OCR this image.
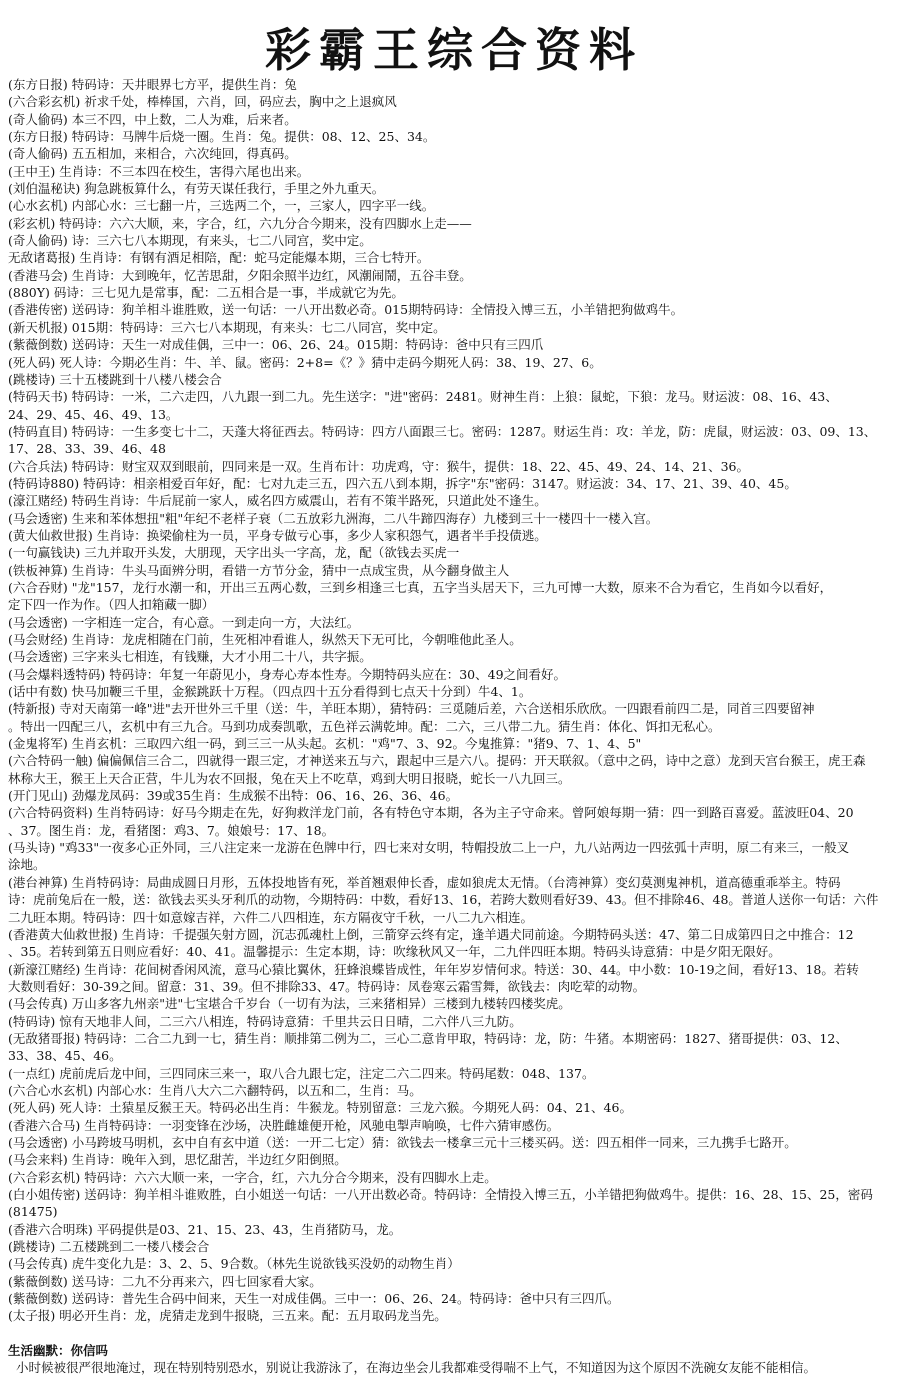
彩霸王综合资料
(东方日报) 特码诗：天井眼界七方平，提供生肖：兔
(六合彩玄机) 祈求千处，棒棒国，六肖，回，码应去，胸中之上退疯风
(奇人偷码) 本三不四，中上数，二人为难，后来者。
(东方日报) 特码诗：马牌牛后烧一圈。生肖：兔。提供：08、12、25、34。
(奇人偷码) 五五相加，来相合，六次纯回，得真码。
(王中王) 生肖诗：不三本四在校生，害得六尾也出来。
(刘伯温秘诀) 狗急跳板算什么，有劳天谋任我行，手里之外九重天。
(心水玄机) 内部心水：三七翻一片，三选两二个，一，三家人，四字平一线。
(彩玄机) 特码诗：六六大顺，来，字合，红，六九分合今期来，没有四脚水上走——
(奇人偷码) 诗：三六七八本期现，有来头，七二八同宫，奖中定。
无敌诸葛报) 生肖诗：有钢有酒足相陪，配：蛇马定能爆本期，三合七特开。
(香港马会) 生肖诗：大到晚年，忆苦思甜，夕阳余照半边红，风潮闹鬧，五谷丰登。
(880Y) 码诗：三七见九是常事，配：二五相合是一事，半成就它为先。
(香港传密) 送码诗：狗羊相斗谁胜败，送一句话：一八开出数必奇。015期特码诗：全情投入博三五，小羊错把狗做鸡牛。
(新天机报) 015期：特码诗：三六七八本期现，有来头：七二八同宫，奖中定。
(紫薇倒数) 送码诗：天生一对成佳偶，三中一：06、26、24。015期：特码诗：爸中只有三四爪
(死人码) 死人诗：今期必生肖：牛、羊、鼠。密码：2+8=《？》猜中走码今期死人码：38、19、27、6。
(跳楼诗) 三十五楼跳到十八楼八楼会合
(特码天书) 特码诗：一米，二六走四，八九跟一到二九。先生送字："进"密码：2481。财神生肖：上狼：鼠蛇，下狼：龙马。财运波：08、16、43、
24、29、45、46、49、13。
(特码直目) 特码诗：一生多变七十二，天蓬大将征西去。特码诗：四方八面跟三七。密码：1287。财运生肖：攻：羊龙，防：虎鼠，财运波：03、09、13、
17、28、33、39、46、48
(六合兵法) 特码诗：财宝双双到眼前，四同来是一双。生肖布计：功虎鸡，守：猴牛，提供：18、22、45、49、24、14、21、36。
(特码诗880) 特码诗：相亲相爱百年好，配：七对九走三五，四六五八到本期，拆字"东"密码：3147。财运波：34、17、21、39、40、45。
(濠江赌经) 特码生肖诗：牛后屁前一家人，威名四方威震山，若有不策半路死，只道此处不逢生。
(马会透密) 生来和苯体想扭"粗"年纪不老样子衰（二五放彩九洲海，二八牛蹄四海存）九楼到三十一楼四十一楼入宫。
(黄大仙救世报) 生肖诗：换梁偷柱为一员，平身专做亏心事，多少人家积怨气，遇者半手投债逃。
(一句赢钱诀) 三九并取开头发，大朋现，天字出头一字高，龙，配（欲钱去买虎一
(铁板神算) 生肖诗：牛头马面辨分明，看错一方节分金，猜中一点成宝贵，从今翻身做主人
(六合吞财) "龙"157，龙行水潮一和，开出三五两心数，三到乡相逢三七真，五字当头居天下，三九可博一大数，原来不合为看它，生肖如今以看好，
定下四一作为作。（四人扣箱藏一脚）
(马会透密) 一字相连一定合，有心意。一到走向一方，大法红。
(马会财经) 生肖诗：龙虎相随在门前，生死相冲看谁人，纵然天下无可比，今朝唯他此圣人。
(马会透密) 三字来头七相连，有钱赚，大才小用二十八，共字振。
(马会爆料透特码) 特码诗：年复一年蔚见小，身寿心寿本性寿。今期特码头应在：30、49之间看好。
(话中有数) 快马加鞭三千里，金猴跳跃十万程。（四点四十五分看得到七点天十分到）牛4、1。
(特新报) 寺对天南第一峰"进"去开世外三千里（送：牛，羊旺本期），猜特码：三觅随后差，六合送相乐欣欣。一四跟看前四二是，同首三四要留神
。特出一四配三八，玄机中有三九合。马到功成奏凯歌，五色祥云满乾坤。配：二六，三八带二九。猜生肖：体化、饵扣无私心。
(金鬼将军) 生肖玄机：三取四六组一码，到三三一从头起。玄机："鸡"7、3、92。今鬼推算："猪9、7、1、4、5"
(六合特码一触) 偏偏佩信三合二，四就得一跟三定，才神送来五与六，跟起中三是六八。提码：开天联叙。（意中之码，诗中之意）龙到天宫台猴王，虎王森
林称大王，猴王上天合正营，牛儿为农不回报，兔在天上不吃草，鸡到大明日报晓，蛇长一八九回三。
(开门见山) 劲爆龙凤码：39或35生肖：生成猴不出特：06、16、26、36、46。
(六合特码资料) 生肖特码诗：好马今期走在先，好狗救洋龙门前，各有特色守本期，各为主子守命来。曾阿娘每期一猜：四一到路百喜爱。蓝波旺04、20
、37。图生肖：龙，看猪图：鸡3、7。娘娘号：17、18。
(马头诗) "鸡33"一夜多心正外同，三八注定来一龙游在色牌中行，四七来对女明，特帽投放二上一户，九八站两边一四弦弧十声明，原二有来三，一般叉
涂地。
(港台神算) 生肖特码诗：局曲成圆日月形，五体投地皆有死，举首翘艰伸长香，虚如狼虎太无情。（台湾神算）变幻莫测鬼神机，道高德重乖举主。特码
诗：虎前兔后在一般，送：欲钱去买头牙利爪的动物，今期特码：中数，看好13、16，若跨大数则看好39、43。但不排除46、48。普道人送你一句话：六件
二九旺本期。特码诗：四十如意嫁吉祥，六件二八四相连，东方隔夜守千秋，一八二九六相连。
(香港黄大仙救世报) 生肖诗：千提强矢射方圆，沉志孤魂杜上倒，三箭穿云终有定，逢羊遇犬同前途。今期特码头送：47、第二日成第四日之中推合：12
、35。若转到第五日则应看好：40、41。温馨提示：生定本期，诗：吹缘秋风又一年，二九伴四旺本期。特码头诗意猜：中是夕阳无限好。
(新濠江赌经) 生肖诗：花间树香闲风流，意马心猿比翼休，狂蜂浪蝶皆成性，年年岁岁情何求。特送：30、44。中小数：10-19之间，看好13、18。若转
大数则看好：30-39之间。留意：31、39。但不排除33、47。特码诗：凤卷寒云霜雪舞，欲钱去：肉吃荤的动物。
(马会传真) 万山多客九州亲"进"七宝堪合千岁台（一切有为法，三来猪相异）三楼到九楼转四楼奖虎。
(特码诗) 惊有天地非人间，二三六八相连，特码诗意猜：千里共云日日晴，二六伴八三九防。
(无敌猪哥报) 特码诗：二合二九到一七，猜生肖：顺排第二例为二，三心二意肯甲取，特码诗：龙，防：牛猪。本期密码：1827、猪哥提供：03、12、
33、38、45、46。
(一点红) 虎前虎后龙中间，三四同床三来一，取八合九跟七定，注定二六二四来。特码尾数：048、137。
(六合心水玄机) 内部心水：生肖八大六二六翻特码，以五和二，生肖：马。
(死人码) 死人诗：土猿星反猴王天。特码必出生肖：牛猴龙。特别留意：三龙六猴。今期死人码：04、21、46。
(香港六合马) 生肖特码诗：一羽变锋在沙场，决胜雌雄便开枪，风驰电掣声响唤，七件六猜审感伤。
(马会透密) 小马跨坡马明机，玄中自有玄中道（送：一开二七定）猜：欲钱去一楼拿三元十三楼买码。送：四五相伴一同来，三九携手七路开。
(马会来料) 生肖诗：晚年入到，思忆甜苦，半边红夕阳倒照。
(六合彩玄机) 特码诗：六六大顺一来，一字合，红，六九分合今期来，没有四脚水上走。
(白小姐传密) 送码诗：狗羊相斗谁败胜，白小姐送一句话：一八开出数必奇。特码诗：全情投入博三五，小羊错把狗做鸡牛。提供：16、28、15、25，密码
(81475)
(香港六合明珠) 平码提供是03、21、15、23、43，生肖猪防马，龙。
(跳楼诗) 二五楼跳到二一楼八楼会合
(马会传真) 虎牛变化九是：3、2、5、9合数。（林先生说欲钱买没奶的动物生肖）
(紫薇倒数) 送马诗：二九不分再来六，四七回家看大家。
(紫薇倒数) 送码诗：普先生合码中间来，天生一对成佳偶。三中一：06、26、24。特码诗：爸中只有三四爪。
(太子报) 明必开生肖：龙，虎猜走龙到牛报晓，三五来。配：五月取码龙当先。
生活幽默：你信吗
小时候被很严很地淹过，现在特别特别恐水，别说让我游泳了，在海边坐会儿我都难受得喘不上气，不知道因为这个原因不洗碗女友能不能相信。
